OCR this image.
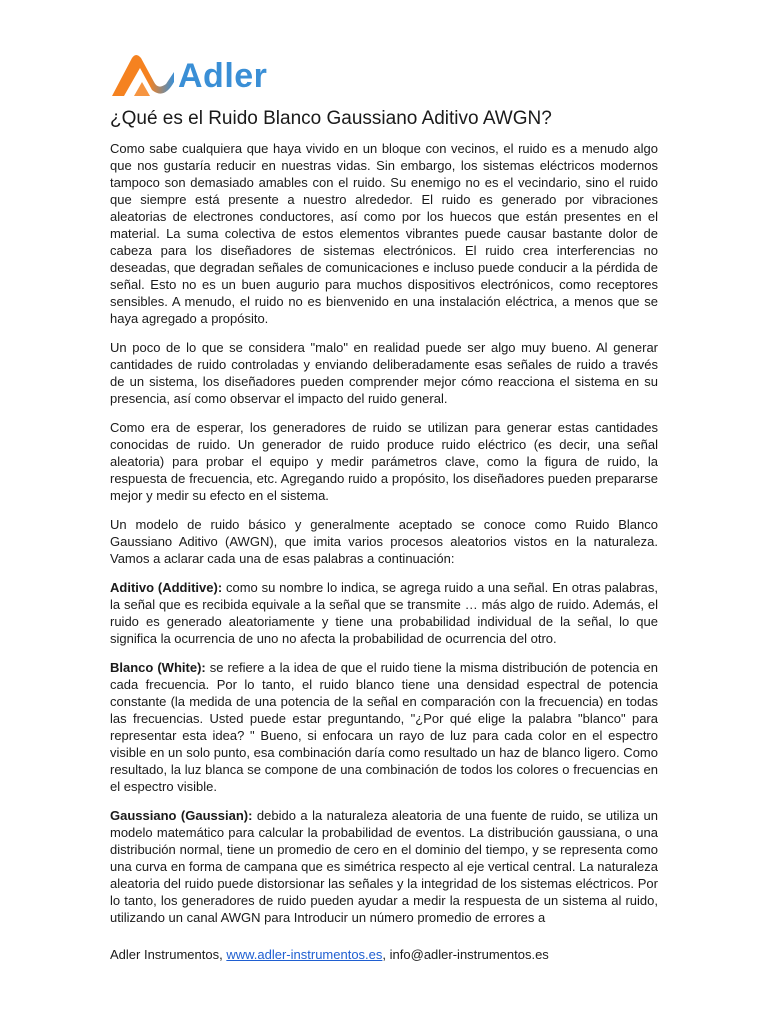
Adler
¿Qué es el Ruido Blanco Gaussiano Aditivo AWGN?

Como sabe cualquiera que haya vivido en un bloque con vecinos, el ruido es a menudo algo que nos gustaría reducir en nuestras vidas. Sin embargo, los sistemas eléctricos modernos tampoco son demasiado amables con el ruido. Su enemigo no es el vecindario, sino el ruido que siempre está presente a nuestro alrededor. El ruido es generado por vibraciones aleatorias de electrones conductores, así como por los huecos que están presentes en el material. La suma colectiva de estos elementos vibrantes puede causar bastante dolor de cabeza para los diseñadores de sistemas electrónicos. El ruido crea interferencias no deseadas, que degradan señales de comunicaciones e incluso puede conducir a la pérdida de señal. Esto no es un buen augurio para muchos dispositivos electrónicos, como receptores sensibles. A menudo, el ruido no es bienvenido en una instalación eléctrica, a menos que se haya agregado a propósito.

Un poco de lo que se considera "malo" en realidad puede ser algo muy bueno. Al generar cantidades de ruido controladas y enviando deliberadamente esas señales de ruido a través de un sistema, los diseñadores pueden comprender mejor cómo reacciona el sistema en su presencia, así como observar el impacto del ruido general.

Como era de esperar, los generadores de ruido se utilizan para generar estas cantidades conocidas de ruido. Un generador de ruido produce ruido eléctrico (es decir, una señal aleatoria) para probar el equipo y medir parámetros clave, como la figura de ruido, la respuesta de frecuencia, etc. Agregando ruido a propósito, los diseñadores pueden prepararse mejor y medir su efecto en el sistema.

Un modelo de ruido básico y generalmente aceptado se conoce como Ruido Blanco Gaussiano Aditivo (AWGN), que imita varios procesos aleatorios vistos en la naturaleza. Vamos a aclarar cada una de esas palabras a continuación:

Aditivo (Additive): como su nombre lo indica, se agrega ruido a una señal. En otras palabras, la señal que es recibida equivale a la señal que se transmite … más algo de ruido. Además, el ruido es generado aleatoriamente y tiene una probabilidad individual de la señal, lo que significa la ocurrencia de uno no afecta la probabilidad de ocurrencia del otro.

Blanco (White): se refiere a la idea de que el ruido tiene la misma distribución de potencia en cada frecuencia. Por lo tanto, el ruido blanco tiene una densidad espectral de potencia constante (la medida de una potencia de la señal en comparación con la frecuencia) en todas las frecuencias. Usted puede estar preguntando, "¿Por qué elige la palabra "blanco" para representar esta idea? " Bueno, si enfocara un rayo de luz para cada color en el espectro visible en un solo punto, esa combinación daría como resultado un haz de blanco ligero. Como resultado, la luz blanca se compone de una combinación de todos los colores o frecuencias en el espectro visible.

Gaussiano (Gaussian): debido a la naturaleza aleatoria de una fuente de ruido, se utiliza un modelo matemático para calcular la probabilidad de eventos. La distribución gaussiana, o una distribución normal, tiene un promedio de cero en el dominio del tiempo, y se representa como una curva en forma de campana que es simétrica respecto al eje vertical central. La naturaleza aleatoria del ruido puede distorsionar las señales y la integridad de los sistemas eléctricos. Por lo tanto, los generadores de ruido pueden ayudar a medir la respuesta de un sistema al ruido, utilizando un canal AWGN para Introducir un número promedio de errores a

Adler Instrumentos, www.adler-instrumentos.es, info@adler-instrumentos.es
